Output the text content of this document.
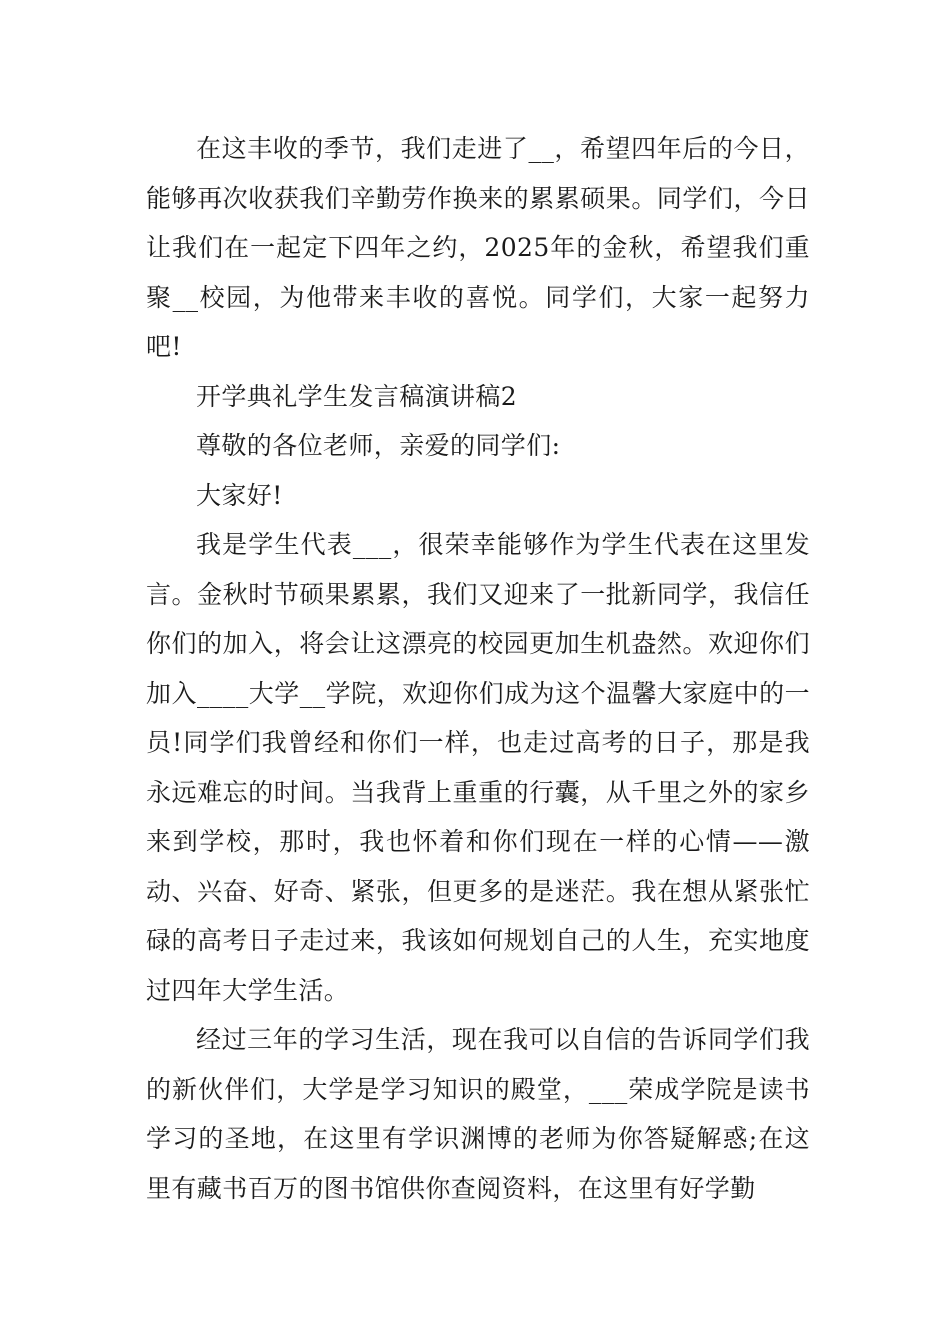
在这丰收的季节，我们走进了__，希望四年后的今日，能够再次收获我们辛勤劳作换来的累累硕果。同学们，今日让我们在一起定下四年之约，2025年的金秋，希望我们重聚__校园，为他带来丰收的喜悦。同学们，大家一起努力吧!

开学典礼学生发言稿演讲稿2

尊敬的各位老师，亲爱的同学们:

大家好!

我是学生代表___，很荣幸能够作为学生代表在这里发言。金秋时节硕果累累，我们又迎来了一批新同学，我信任你们的加入，将会让这漂亮的校园更加生机盎然。欢迎你们加入____大学__学院，欢迎你们成为这个温馨大家庭中的一员!同学们我曾经和你们一样，也走过高考的日子，那是我永远难忘的时间。当我背上重重的行囊，从千里之外的家乡来到学校，那时，我也怀着和你们现在一样的心情——激动、兴奋、好奇、紧张，但更多的是迷茫。我在想从紧张忙碌的高考日子走过来，我该如何规划自己的人生，充实地度过四年大学生活。

经过三年的学习生活，现在我可以自信的告诉同学们我的新伙伴们，大学是学习知识的殿堂，___荣成学院是读书学习的圣地，在这里有学识渊博的老师为你答疑解惑;在这里有藏书百万的图书馆供你查阅资料，在这里有好学勤
